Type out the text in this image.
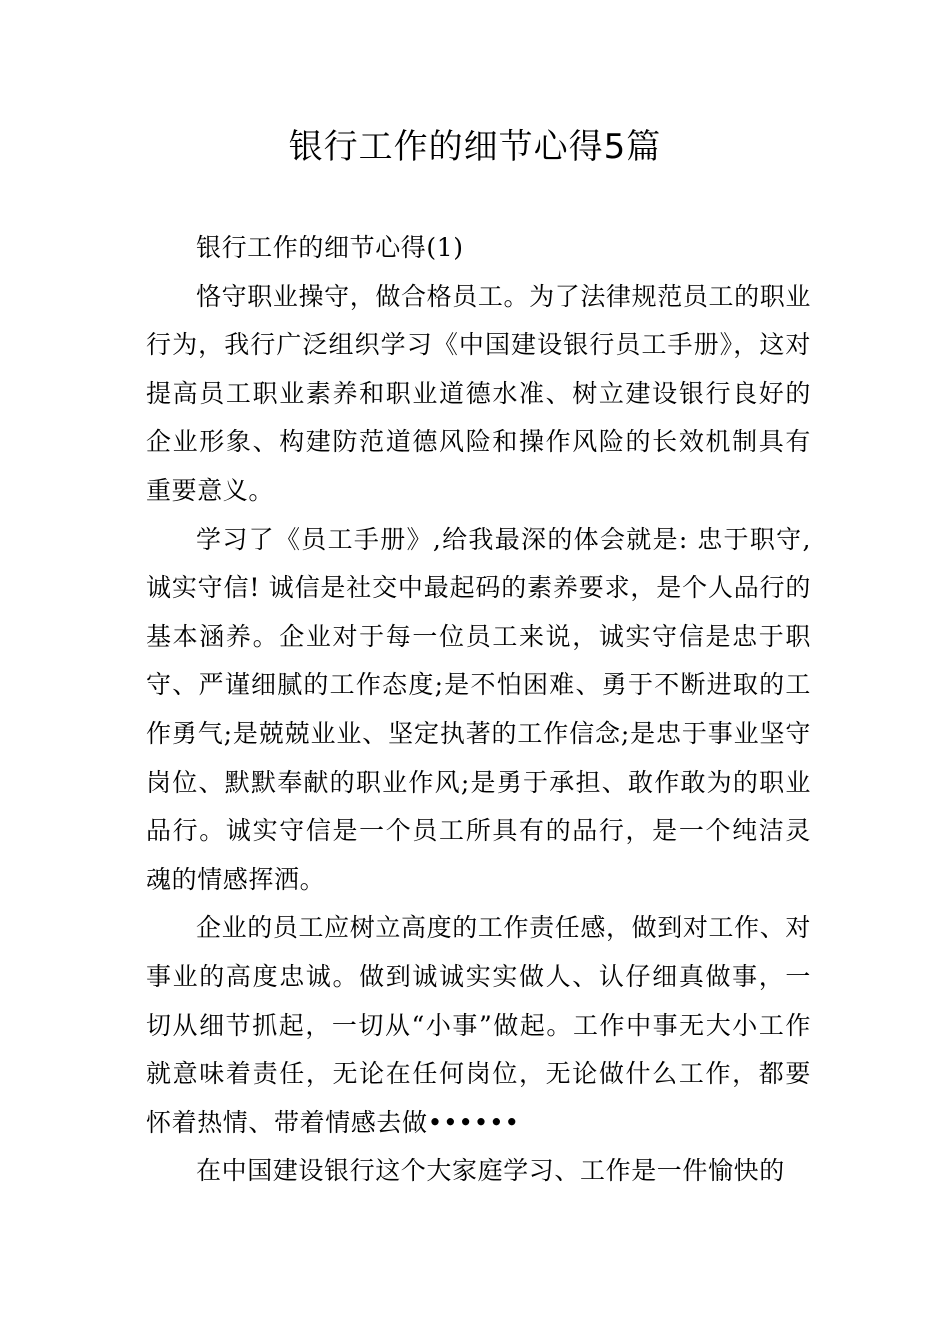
银行工作的细节心得5篇

银行工作的细节心得(1)

恪守职业操守，做合格员工。为了法律规范员工的职业行为，我行广泛组织学习《中国建设银行员工手册》，这对提高员工职业素养和职业道德水准、树立建设银行良好的企业形象、构建防范道德风险和操作风险的长效机制具有重要意义。

学习了《员工手册》,给我最深的体会就是: 忠于职守,诚实守信! 诚信是社交中最起码的素养要求，是个人品行的基本涵养。企业对于每一位员工来说，诚实守信是忠于职守、严谨细腻的工作态度;是不怕困难、勇于不断进取的工作勇气;是兢兢业业、坚定执著的工作信念;是忠于事业坚守岗位、默默奉献的职业作风;是勇于承担、敢作敢为的职业品行。诚实守信是一个员工所具有的品行，是一个纯洁灵魂的情感挥洒。

企业的员工应树立高度的工作责任感，做到对工作、对事业的高度忠诚。做到诚诚实实做人、认仔细真做事，一切从细节抓起，一切从“小事”做起。工作中事无大小工作就意味着责任，无论在任何岗位，无论做什么工作，都要怀着热情、带着情感去做••••••

在中国建设银行这个大家庭学习、工作是一件愉快的
